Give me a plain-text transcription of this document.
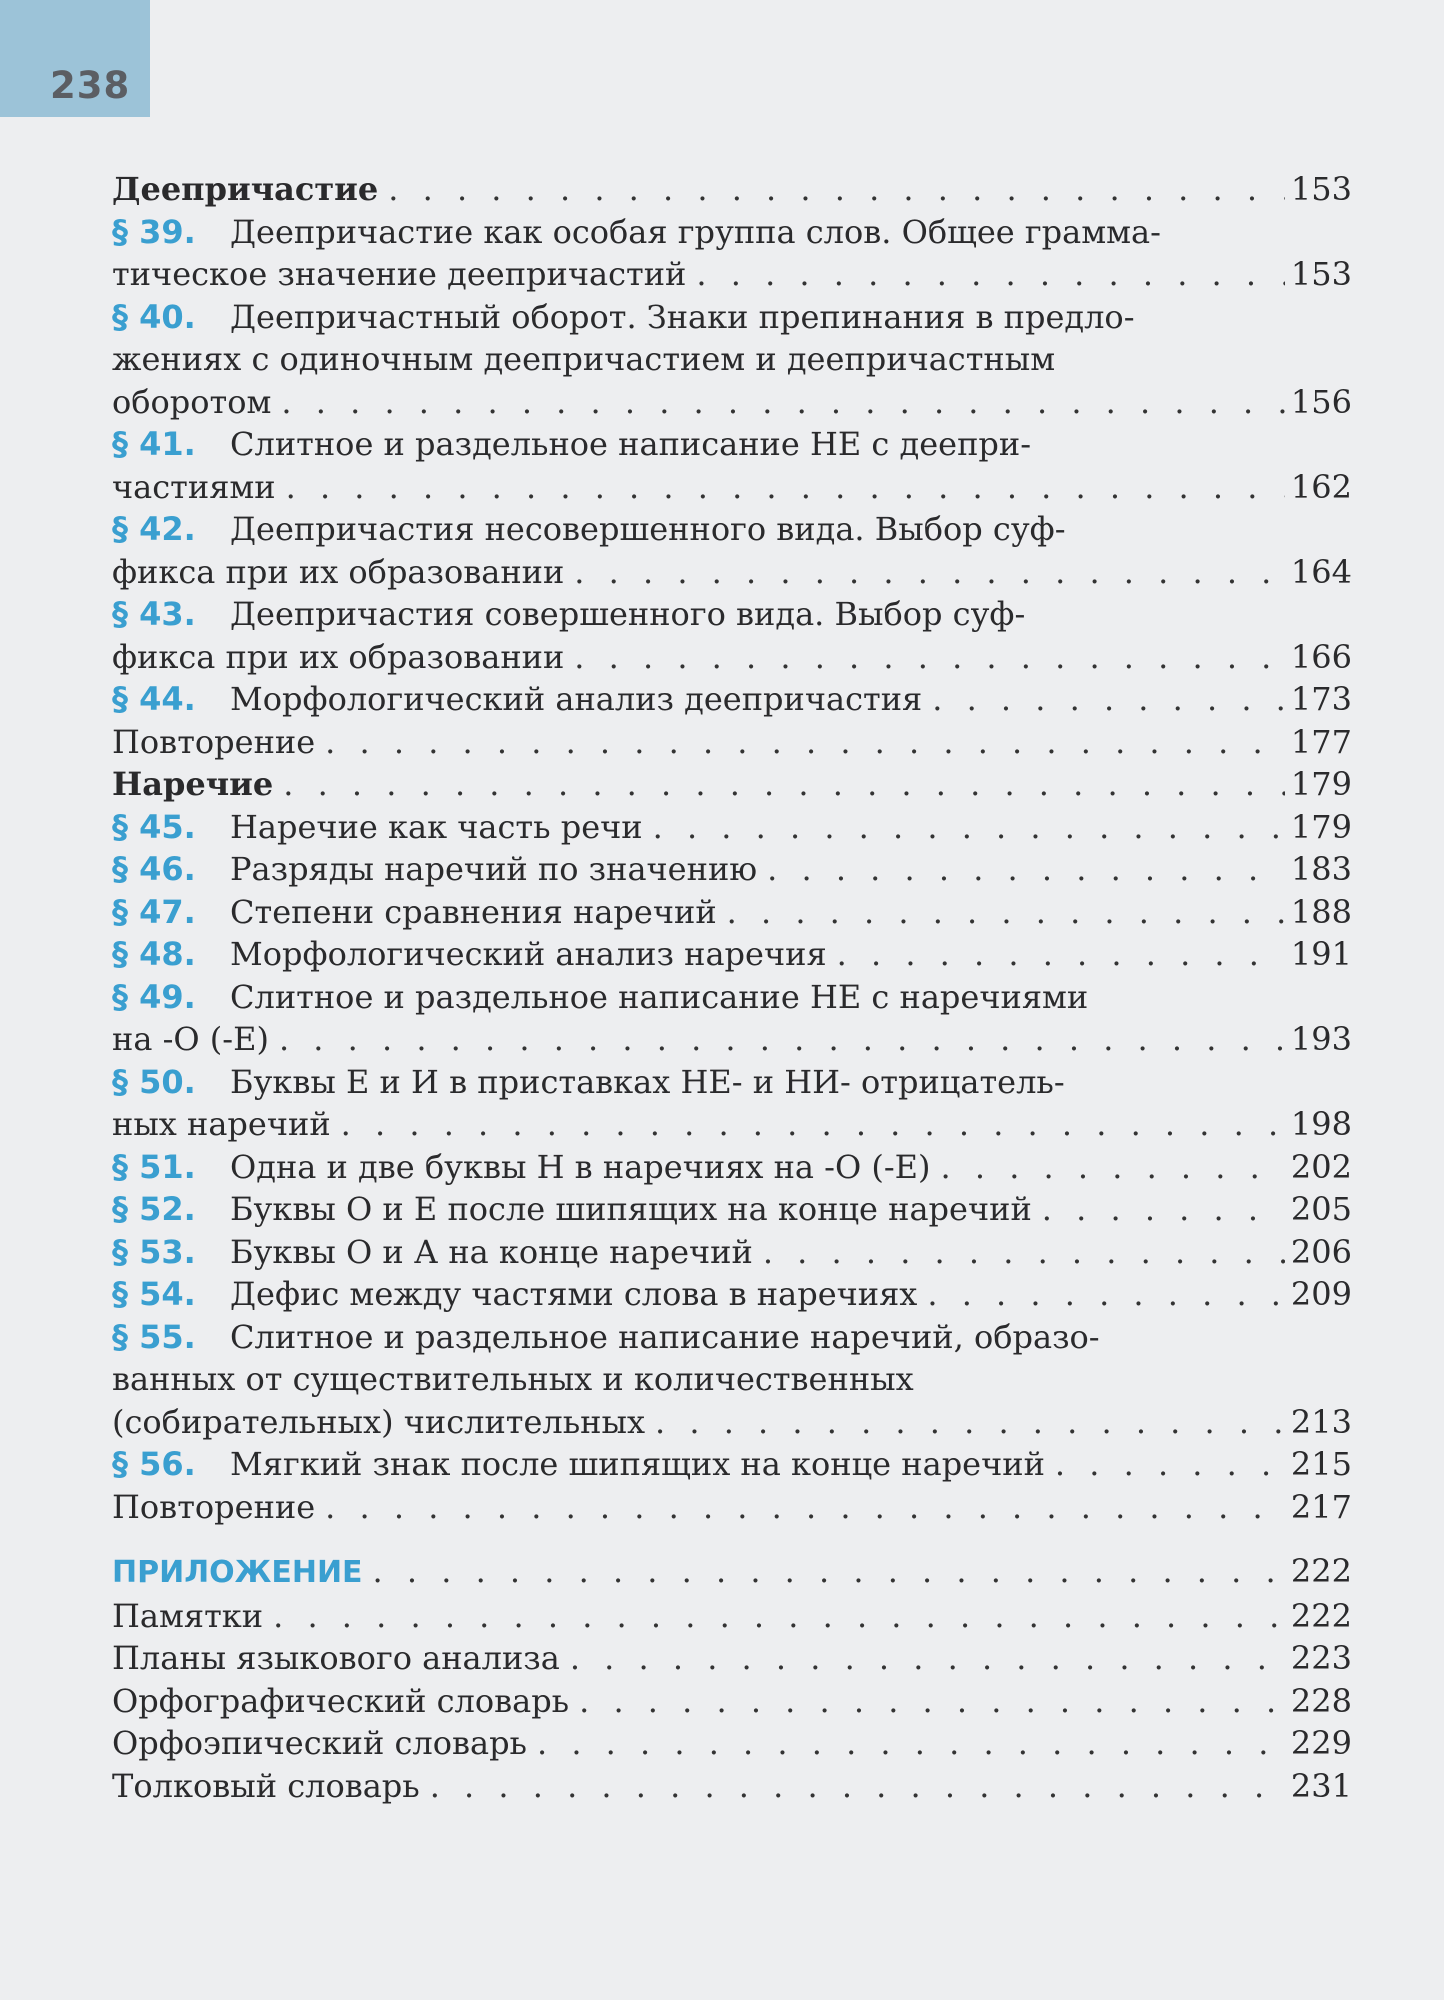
238
Деепричастие . . .	153
§ 39. Деепричастие как особая группа слов. Общее граммa-
тическое значение деепричастий . . .	153
§ 40. Деепричастный оборот. Знаки препинания в предло-
жениях с одиночным деепричастием и деепричастным
оборотом . . .	156
§ 41. Слитное и раздельное написание НЕ с деепри-
частиями . . .	162
§ 42. Деепричастия несовершенного вида. Выбор суф-
фикса при их образовании . . .	164
§ 43. Деепричастия совершенного вида. Выбор суф-
фикса при их образовании . . .	166
§ 44. Морфологический анализ деепричастия . . .	173
Повторение . . .	177
Наречие . . .	179
§ 45. Наречие как часть речи . . .	179
§ 46. Разряды наречий по значению . . .	183
§ 47. Степени сравнения наречий . . .	188
§ 48. Морфологический анализ наречия . . .	191
§ 49. Слитное и раздельное написание НЕ с наречиями
на -О (-Е) . . .	193
§ 50. Буквы Е и И в приставках НЕ- и НИ- отрицатель-
ных наречий . . .	198
§ 51. Одна и две буквы Н в наречиях на -О (-Е) . . .	202
§ 52. Буквы О и Е после шипящих на конце наречий . . .	205
§ 53. Буквы О и А на конце наречий . . .	206
§ 54. Дефис между частями слова в наречиях . . .	209
§ 55. Слитное и раздельное написание наречий, образо-
ванных от существительных и количественных
(собирательных) числительных . . .	213
§ 56. Мягкий знак после шипящих на конце наречий . . .	215
Повторение . . .	217
ПРИЛОЖЕНИЕ . . .	222
Памятки . . .	222
Планы языкового анализа . . .	223
Орфографический словарь . . .	228
Орфоэпический словарь . . .	229
Толковый словарь . . .	231
